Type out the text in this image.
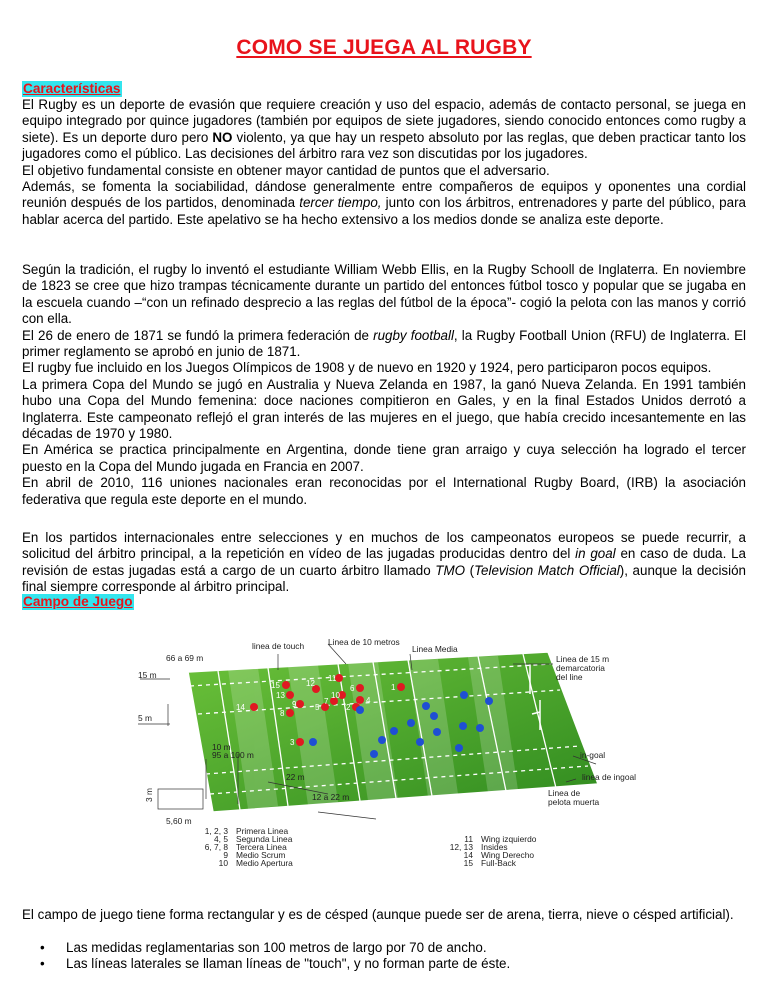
COMO SE JUEGA AL RUGBY
Características

El Rugby es un deporte de evasión que requiere creación y uso del espacio, además de contacto personal, se juega en equipo integrado por quince jugadores (también por equipos de siete jugadores, siendo conocido entonces como rugby a siete). Es un deporte duro pero NO violento, ya que hay un respeto absoluto por las reglas, que deben practicar tanto los jugadores como el público. Las decisiones del árbitro rara vez son discutidas por los jugadores.

El objetivo fundamental consiste en obtener mayor cantidad de puntos que el adversario.

Además, se fomenta la sociabilidad, dándose generalmente entre compañeros de equipos y oponentes una cordial reunión después de los partidos, denominada tercer tiempo, junto con los árbitros, entrenadores y parte del público, para hablar acerca del partido. Este apelativo se ha hecho extensivo a los medios donde se analiza este deporte.

Según la tradición, el rugby lo inventó el estudiante William Webb Ellis, en la Rugby Schooll de Inglaterra. En noviembre de 1823 se cree que hizo trampas técnicamente durante un partido del entonces fútbol tosco y popular que se jugaba en la escuela cuando –“con un refinado desprecio a las reglas del fútbol de la época”- cogió la pelota con las manos y corrió con ella.

El 26 de enero de 1871 se fundó la primera federación de rugby football, la Rugby Football Union (RFU) de Inglaterra. El primer reglamento se aprobó en junio de 1871.

El rugby fue incluido en los Juegos Olímpicos de 1908 y de nuevo en 1920 y 1924, pero participaron pocos equipos.

La primera Copa del Mundo se jugó en Australia y Nueva Zelanda en 1987, la ganó Nueva Zelanda. En 1991 también hubo una Copa del Mundo femenina: doce naciones compitieron en Gales, y en la final Estados Unidos derrotó a Inglaterra. Este campeonato reflejó el gran interés de las mujeres en el juego, que había crecido incesantemente en las décadas de 1970 y 1980.

En América se practica principalmente en Argentina, donde tiene gran arraigo y cuya selección ha logrado el tercer puesto en la Copa del Mundo jugada en Francia en 2007.

En abril de 2010, 116 uniones nacionales eran reconocidas por el International Rugby Board, (IRB) la asociación federativa que regula este deporte en el mundo.

En los partidos internacionales entre selecciones y en muchos de los campeonatos europeos se puede recurrir, a solicitud del árbitro principal, a la repetición en vídeo de las jugadas producidas dentro del in goal en caso de duda. La revisión de estas jugadas está a cargo de un cuarto árbitro llamado TMO (Television Match Official), aunque la decisión final siempre corresponde al árbitro principal.

Campo de Juego
11
15	12
6	1
13	10
7	4
9 5	2
14
8
3
linea de touch	Linea de 10 metros
Linea Media
66 a 69 m
15 m
5 m
10 m
95 a 100 m
22 m
12 a 22 m
5,60 m
Linea de 15 m
demarcatoria
del line
in-goal
linea de ingoal
Linea de
pelota muerta
3 m
1, 2, 3 Primera Linea
4, 5 Segunda Linea
6, 7, 8 Tercera Linea
9 Medio Scrum
10 Medio Apertura
11 Wing izquierdo
12, 13 Insides
14 Wing Derecho
15 Full-Back
El campo de juego tiene forma rectangular y es de césped (aunque puede ser de arena, tierra, nieve o césped artificial).
• Las medidas reglamentarias son 100 metros de largo por 70 de ancho.
• Las líneas laterales se llaman líneas de "touch", y no forman parte de éste.
